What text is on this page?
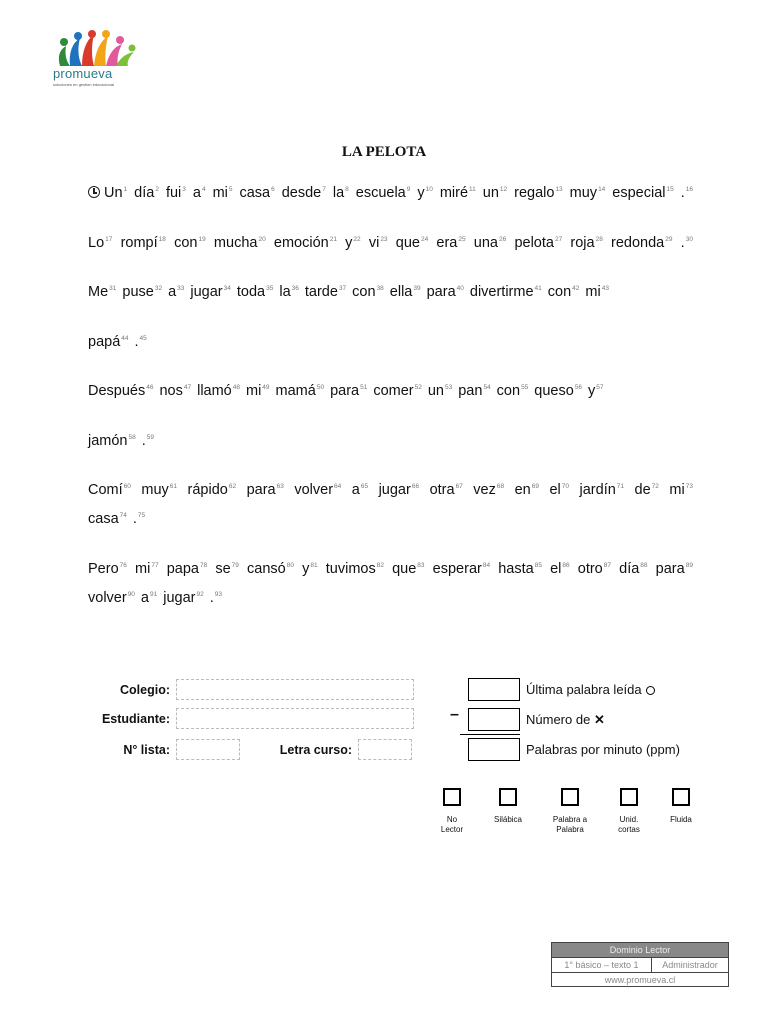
promueva
soluciones en gestión educacional
LA PELOTA
Un$^1$ día$^2$ fui$^3$ $a^4$ $mi^5$ casa$^6$ desde$^7$ $la^8$ escuela$^9$ $y^{10}$ miré$^{11}$ $un^{12}$ regalo$^{13}$ muy$^{14}$ especial$^{15}$ .$^{16}$
Lo$^{17}$ rompí$^{18}$ con$^{19}$ mucha$^{20}$ emoción$^{21}$ $y^{22}$ $vi^{23}$ que$^{24}$ era$^{25}$ una$^{26}$ pelota$^{27}$ roja$^{28}$ redonda$^{29}$ .$^{30}$
Me$^{31}$ puse$^{32}$ $a^{33}$ jugar$^{34}$ toda$^{35}$ $la^{36}$ tarde$^{37}$ con$^{38}$ ella$^{39}$ para$^{40}$ divertirme$^{41}$ con$^{42}$ $mi^{43}$
papá$^{44}$ .$^{45}$
Después$^{46}$ nos$^{47}$ llamó$^{48}$ $mi^{49}$ mamá$^{50}$ para$^{51}$ comer$^{52}$ $un^{53}$ pan$^{54}$ con$^{55}$ queso$^{56}$ $y^{57}$
jamón$^{58}$ .$^{59}$
Comí$^{60}$ muy$^{61}$ rápido$^{62}$ para$^{63}$ volver$^{64}$ $a^{65}$ jugar$^{66}$ otra$^{67}$ vez$^{68}$ $en^{69}$ $el^{70}$ jardín$^{71}$ $de^{72}$ $mi^{73}$
casa$^{74}$ .$^{75}$
Pero$^{76}$ $mi^{77}$ papa$^{78}$ $se^{79}$ cansó$^{80}$ $y^{81}$ tuvimos$^{82}$ que$^{83}$ esperar$^{84}$ hasta$^{85}$ $el^{86}$ otro$^{87}$ día$^{88}$ para$^{89}$
volver$^{90}$ $a^{91}$ jugar$^{92}$ .$^{93}$
Colegio:
Estudiante:
N° lista:	Letra curso:
Última palabra leída
–	Número de ✕
Palabras por minuto (ppm)
No
Lector
Silábica	Palabra a
Palabra
Unid.
cortas
Fluida
Dominio Lector
1° básico – texto 1	Administrador
www.promueva.cl
